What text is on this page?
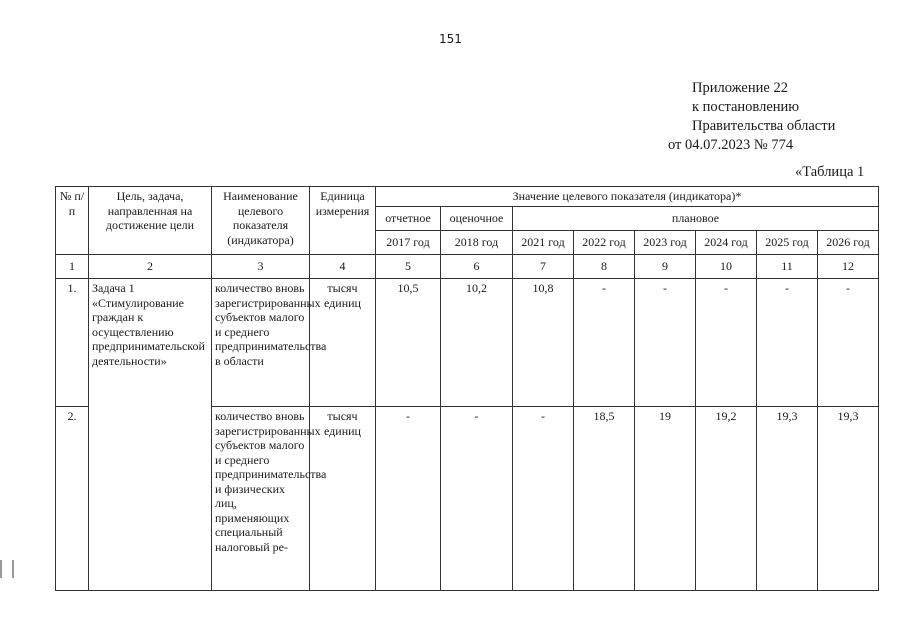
151
Приложение 22
к постановлению
Правительства области
от 04.07.2023 № 774
«Таблица 1
№ п/п	Цель, задача, направленная на достижение цели	Наименование целевого показателя (индикатора)	Единица измерения	Значение целевого показателя (индикатора)*							
				отчетное	оценочное	плановое					
				2017 год	2018 год	2021 год	2022 год	2023 год	2024 год	2025 год	2026 год
1	2	3	4	5	6	7	8	9	10	11	12
1.	Задача 1 «Стимулирование граждан к осуществлению предпринимательской деятельности»	количество вновь зарегистрированных субъектов малого и среднего предпринимательства в области	тысяч единиц	10,5	10,2	10,8	-	-	-	-	-
2.		количество вновь зарегистрированных субъектов малого и среднего предпринимательства и физических лиц, применяющих специальный налоговый ре-	тысяч единиц	-	-	-	18,5	19	19,2	19,3	19,3
